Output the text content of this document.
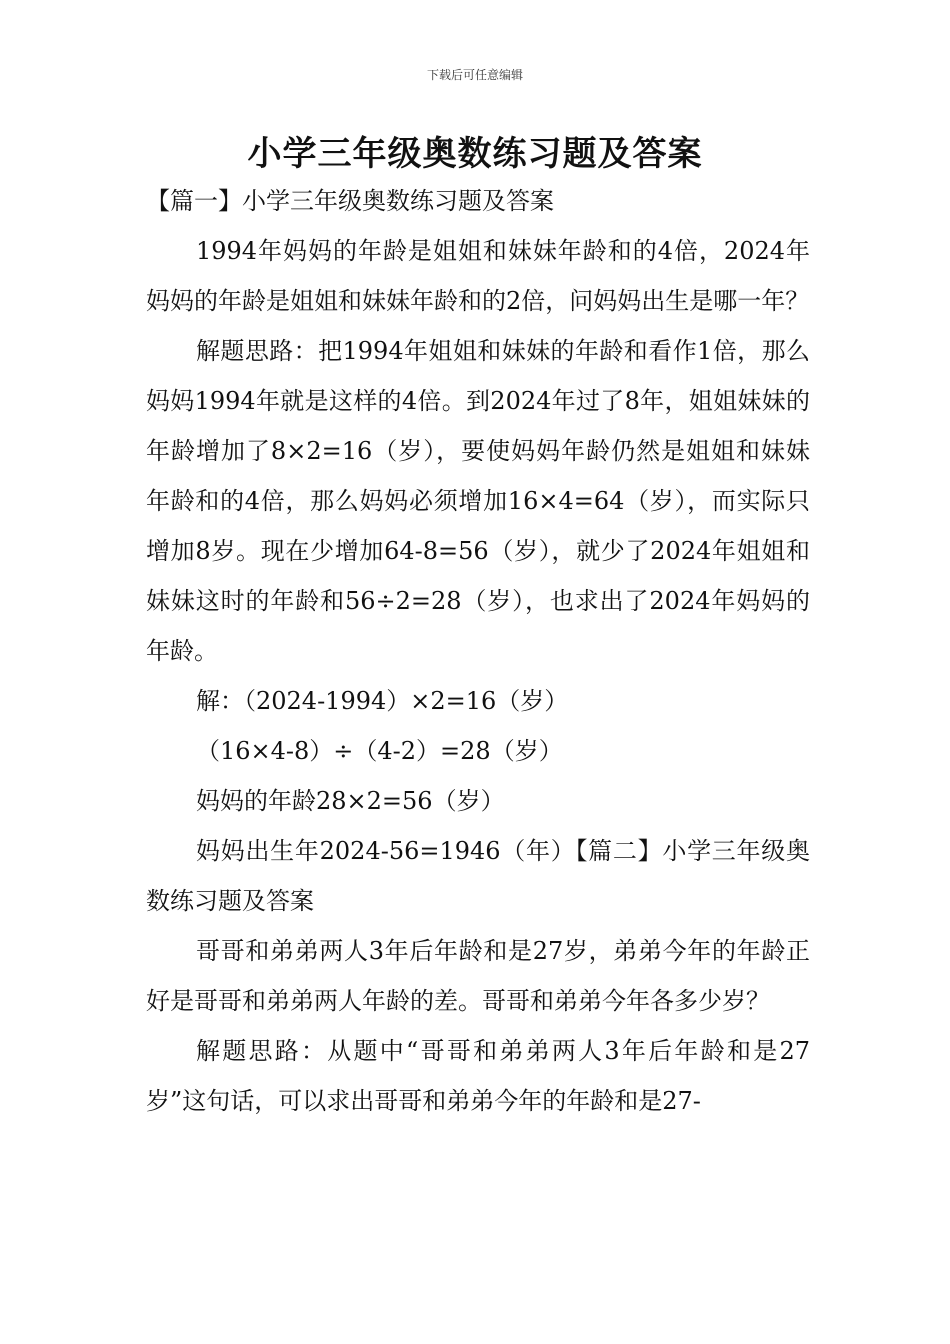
下载后可任意编辑
小学三年级奥数练习题及答案

【篇一】小学三年级奥数练习题及答案

1994年妈妈的年龄是姐姐和妹妹年龄和的4倍，2024年妈妈的年龄是姐姐和妹妹年龄和的2倍，问妈妈出生是哪一年？

解题思路：把1994年姐姐和妹妹的年龄和看作1倍，那么妈妈1994年就是这样的4倍。到2024年过了8年，姐姐妹妹的年龄增加了8×2=16（岁），要使妈妈年龄仍然是姐姐和妹妹年龄和的4倍，那么妈妈必须增加16×4=64（岁），而实际只增加8岁。现在少增加64-8=56（岁），就少了2024年姐姐和妹妹这时的年龄和56÷2=28（岁），也求出了2024年妈妈的年龄。

解：（2024-1994）×2=16（岁）

（16×4-8）÷（4-2）=28（岁）

妈妈的年龄28×2=56（岁）

妈妈出生年2024-56=1946（年）【篇二】小学三年级奥数练习题及答案

哥哥和弟弟两人3年后年龄和是27岁，弟弟今年的年龄正好是哥哥和弟弟两人年龄的差。哥哥和弟弟今年各多少岁？

解题思路：从题中“哥哥和弟弟两人3年后年龄和是27岁”这句话，可以求出哥哥和弟弟今年的年龄和是27-
